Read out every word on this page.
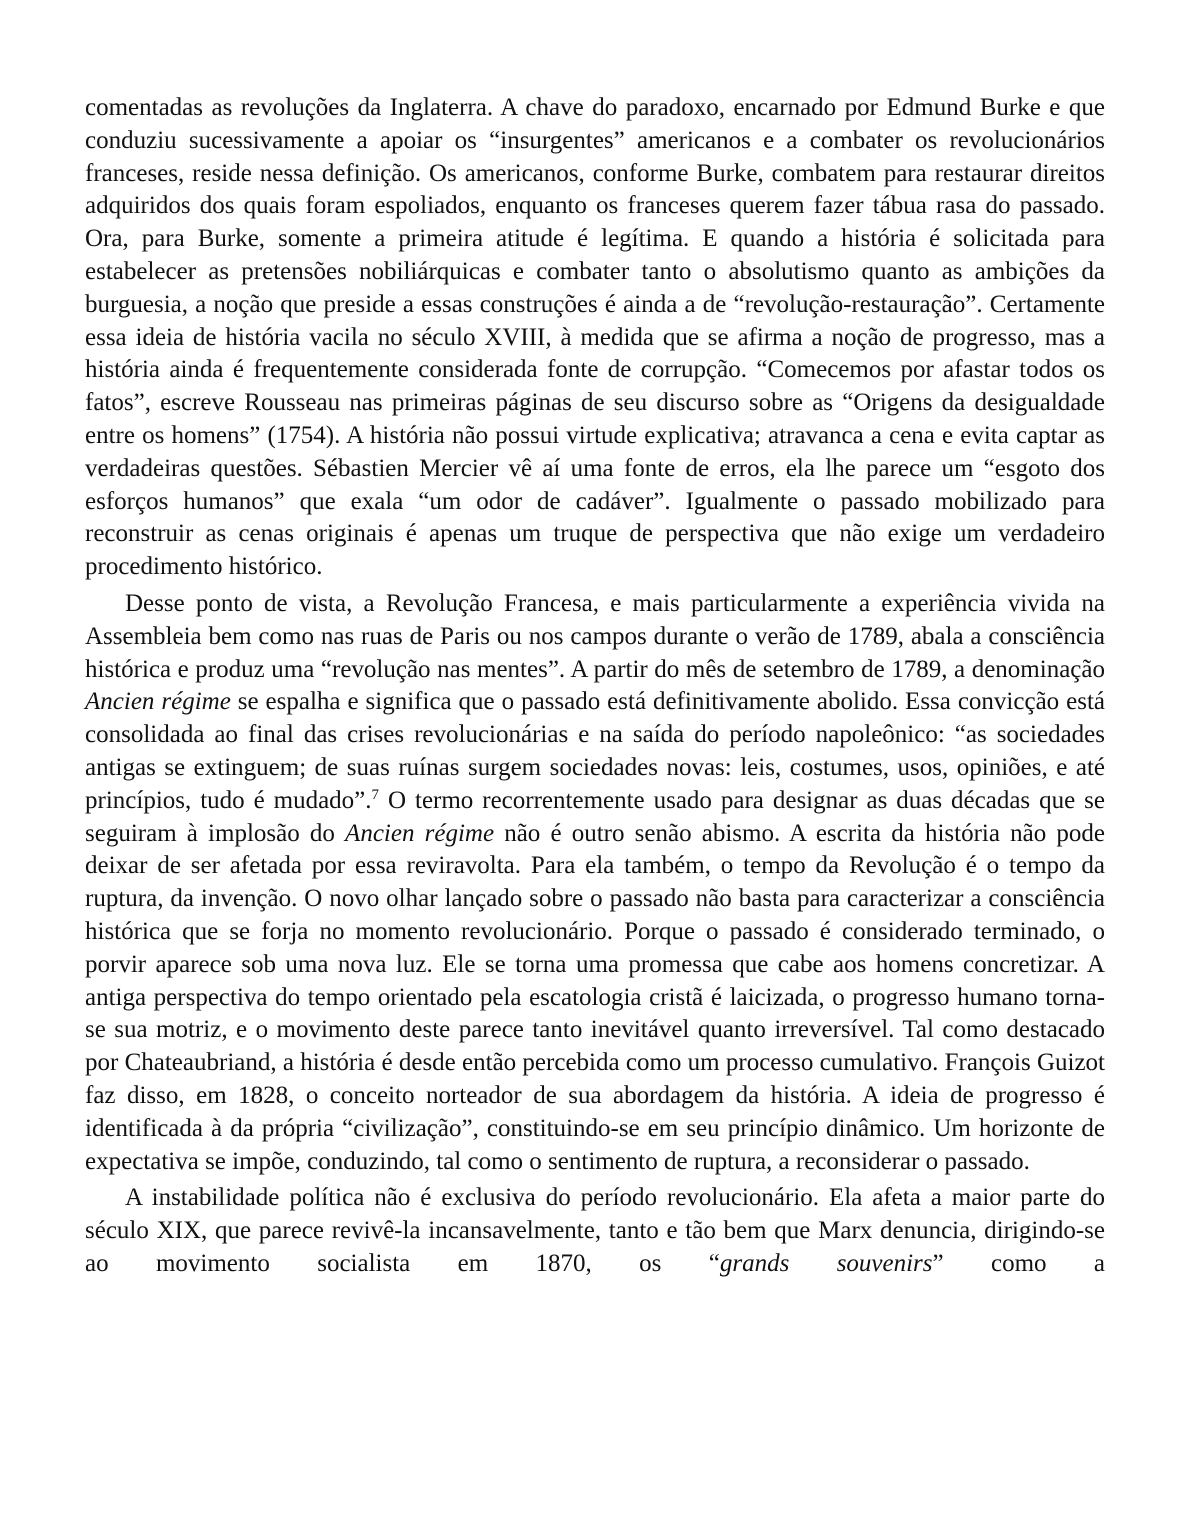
comentadas as revoluções da Inglaterra. A chave do paradoxo, encarnado por Edmund Burke e que conduziu sucessivamente a apoiar os “insurgentes” americanos e a combater os revolucionários franceses, reside nessa definição. Os americanos, conforme Burke, combatem para restaurar direitos adquiridos dos quais foram espoliados, enquanto os franceses querem fazer tábua rasa do passado. Ora, para Burke, somente a primeira atitude é legítima. E quando a história é solicitada para estabelecer as pretensões nobiliárquicas e combater tanto o absolutismo quanto as ambições da burguesia, a noção que preside a essas construções é ainda a de “revolução-restauração”. Certamente essa ideia de história vacila no século XVIII, à medida que se afirma a noção de progresso, mas a história ainda é frequentemente considerada fonte de corrupção. “Comecemos por afastar todos os fatos”, escreve Rousseau nas primeiras páginas de seu discurso sobre as “Origens da desigualdade entre os homens” (1754). A história não possui virtude explicativa; atravanca a cena e evita captar as verdadeiras questões. Sébastien Mercier vê aí uma fonte de erros, ela lhe parece um “esgoto dos esforços humanos” que exala “um odor de cadáver”. Igualmente o passado mobilizado para reconstruir as cenas originais é apenas um truque de perspectiva que não exige um verdadeiro procedimento histórico.

Desse ponto de vista, a Revolução Francesa, e mais particularmente a experiência vivida na Assembleia bem como nas ruas de Paris ou nos campos durante o verão de 1789, abala a consciência histórica e produz uma “revolução nas mentes”. A partir do mês de setembro de 1789, a denominação Ancien régime se espalha e significa que o passado está definitivamente abolido. Essa convicção está consolidada ao final das crises revolucionárias e na saída do período napoleônico: “as sociedades antigas se extinguem; de suas ruínas surgem sociedades novas: leis, costumes, usos, opiniões, e até princípios, tudo é mudado”.$^7$ O termo recorrentemente usado para designar as duas décadas que se seguiram à implosão do Ancien régime não é outro senão abismo. A escrita da história não pode deixar de ser afetada por essa reviravolta. Para ela também, o tempo da Revolução é o tempo da ruptura, da invenção. O novo olhar lançado sobre o passado não basta para caracterizar a consciência histórica que se forja no momento revolucionário. Porque o passado é considerado terminado, o porvir aparece sob uma nova luz. Ele se torna uma promessa que cabe aos homens concretizar. A antiga perspectiva do tempo orientado pela escatologia cristã é laicizada, o progresso humano torna-se sua motriz, e o movimento deste parece tanto inevitável quanto irreversível. Tal como destacado por Chateaubriand, a história é desde então percebida como um processo cumulativo. François Guizot faz disso, em 1828, o conceito norteador de sua abordagem da história. A ideia de progresso é identificada à da própria “civilização”, constituindo-se em seu princípio dinâmico. Um horizonte de expectativa se impõe, conduzindo, tal como o sentimento de ruptura, a reconsiderar o passado.

A instabilidade política não é exclusiva do período revolucionário. Ela afeta a maior parte do século XIX, que parece revivê-la incansavelmente, tanto e tão bem que Marx denuncia, dirigindo-se ao movimento socialista em 1870, os “grands souvenirs” como a
